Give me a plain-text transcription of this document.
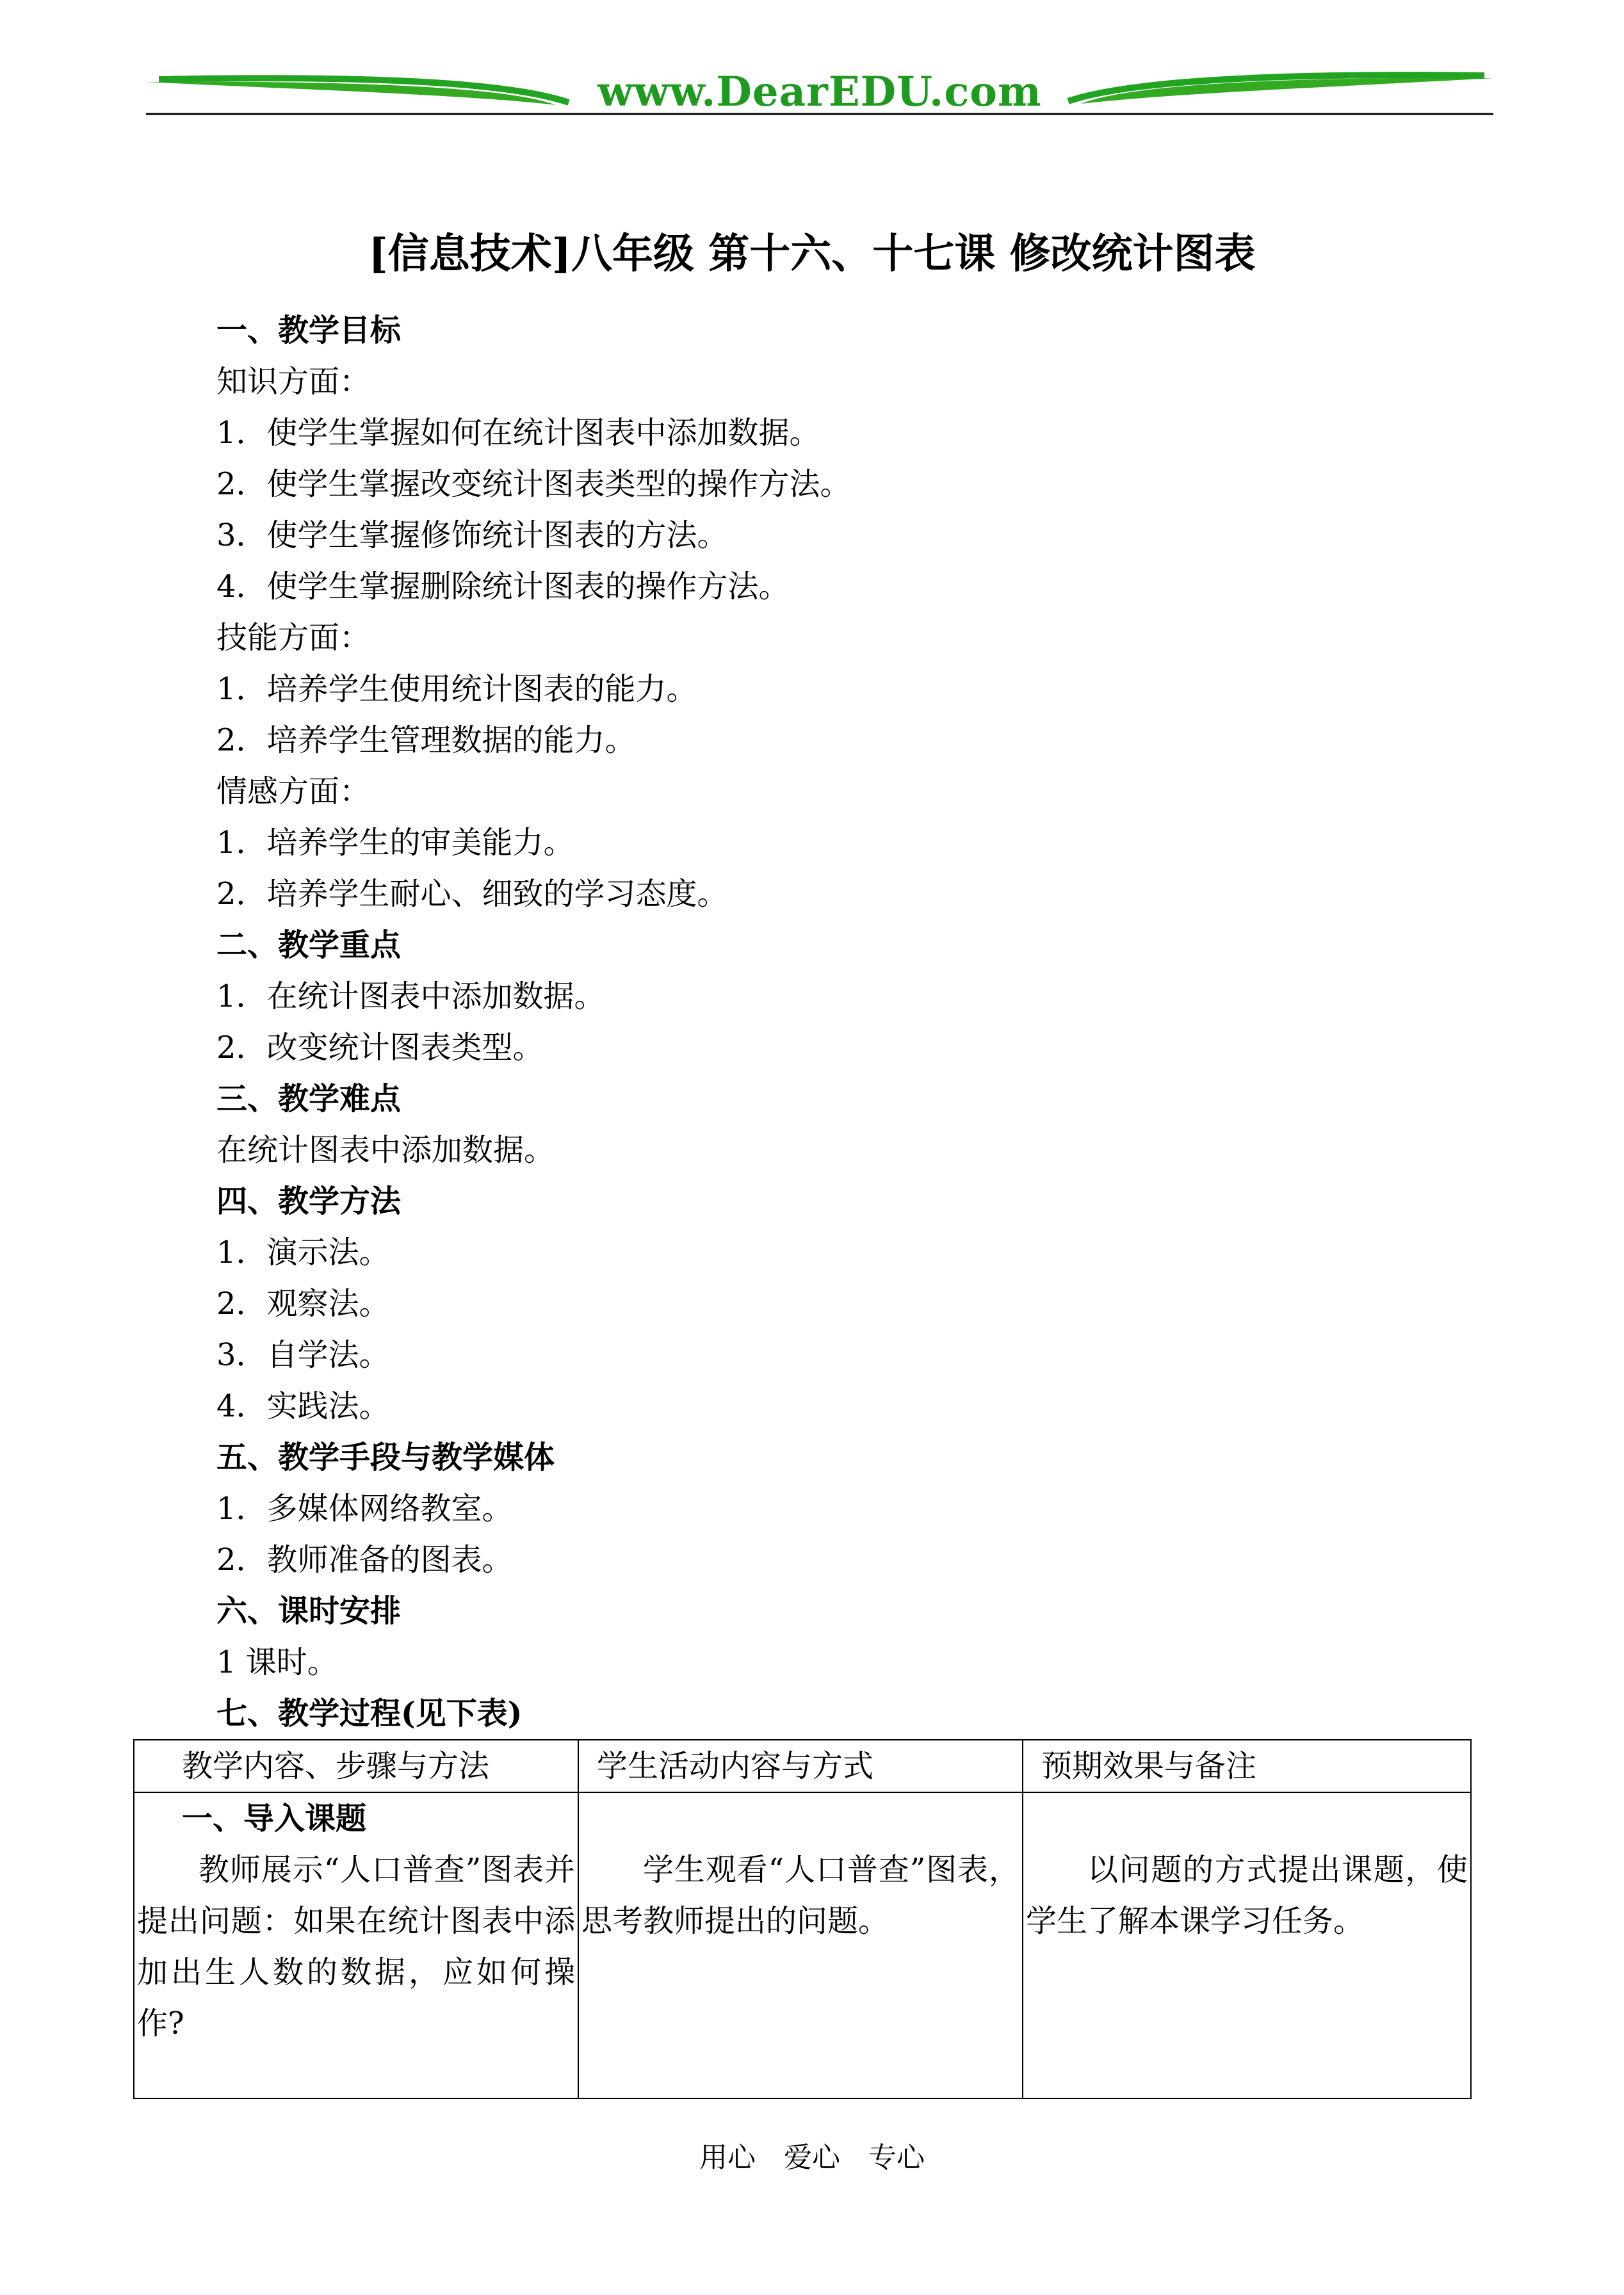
www.DearEDU.com
[信息技术]八年级 第十六、十七课 修改统计图表
一、教学目标
知识方面：
1．使学生掌握如何在统计图表中添加数据。
2．使学生掌握改变统计图表类型的操作方法。
3．使学生掌握修饰统计图表的方法。
4．使学生掌握删除统计图表的操作方法。
技能方面：
1．培养学生使用统计图表的能力。
2．培养学生管理数据的能力。
情感方面：
1．培养学生的审美能力。
2．培养学生耐心、细致的学习态度。
二、教学重点
1．在统计图表中添加数据。
2．改变统计图表类型。
三、教学难点
在统计图表中添加数据。
四、教学方法
1．演示法。
2．观察法。
3．自学法。
4．实践法。
五、教学手段与教学媒体
1．多媒体网络教室。
2．教师准备的图表。
六、课时安排
1 课时。
七、教学过程(见下表)
教学内容、步骤与方法	学生活动内容与方式	预期效果与备注

一、导入课题
教师展示“人口普查”图表并提出问题：如果在统计图表中添加出生人数的数据，应如何操作?	学生观看“人口普查”图表，思考教师提出的问题。	以问题的方式提出课题，使学生了解本课学习任务。
用心 爱心 专心
